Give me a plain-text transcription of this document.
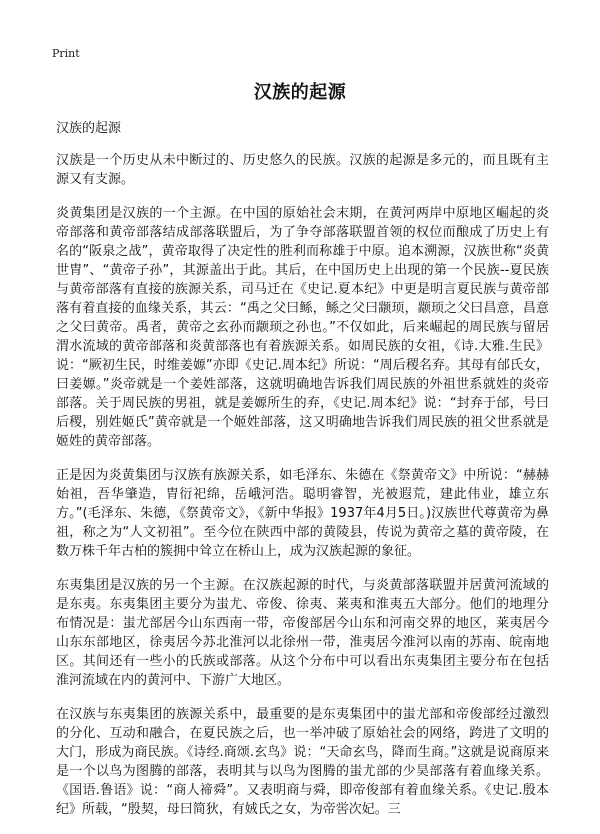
Print
汉族的起源

汉族的起源

汉族是一个历史从未中断过的、历史悠久的民族。汉族的起源是多元的，而且既有主源又有支源。

炎黄集团是汉族的一个主源。在中国的原始社会末期，在黄河两岸中原地区崛起的炎帝部落和黄帝部落结成部落联盟后，为了争夺部落联盟首领的权位而酿成了历史上有名的“阪泉之战”，黄帝取得了决定性的胜利而称雄于中原。追本溯源，汉族世称“炎黄世胄”、“黄帝子孙”，其源盖出于此。其后，在中国历史上出现的第一个民族--夏民族与黄帝部落有直接的族源关系，司马迁在《史记.夏本纪》中更是明言夏民族与黄帝部落有着直接的血缘关系，其云：“禹之父曰鲧，鲧之父曰颛顼，颛顼之父曰昌意，昌意之父曰黄帝。禹者，黄帝之玄孙而颛顼之孙也。”不仅如此，后来崛起的周民族与留居渭水流域的黄帝部落和炎黄部落也有着族源关系。如周民族的女祖，《诗.大雅.生民》说：“厥初生民，时维姜嫄”亦即《史记.周本纪》所说：“周后稷名弃。其母有邰氏女，曰姜嫄。”炎帝就是一个姜姓部落，这就明确地告诉我们周民族的外祖世系就姓的炎帝部落。关于周民族的男祖，就是姜嫄所生的弃，《史记.周本纪》说：“封弃于邰，号曰后稷，别姓姬氏”黄帝就是一个姬姓部落，这又明确地告诉我们周民族的祖父世系就是姬姓的黄帝部落。

正是因为炎黄集团与汉族有族源关系，如毛泽东、朱德在《祭黄帝文》中所说：“赫赫始祖，吾华肇造，胄衍祀绵，岳峨河浩。聪明睿智，光被遐荒，建此伟业，雄立东方。”(毛泽东、朱德，《祭黄帝文》，《新中华报》1937年4月5日。)汉族世代尊黄帝为鼻祖，称之为“人文初祖”。至今位在陕西中部的黄陵县，传说为黄帝之墓的黄帝陵，在数万株千年古柏的簇拥中耸立在桥山上，成为汉族起源的象征。

东夷集团是汉族的另一个主源。在汉族起源的时代，与炎黄部落联盟并居黄河流域的是东夷。东夷集团主要分为蚩尤、帝俊、徐夷、莱夷和淮夷五大部分。他们的地理分布情况是：蚩尤部居今山东西南一带，帝俊部居今山东和河南交界的地区，莱夷居今山东东部地区，徐夷居今苏北淮河以北徐州一带，淮夷居今淮河以南的苏南、皖南地区。其间还有一些小的氏族或部落。从这个分布中可以看出东夷集团主要分布在包括淮河流域在内的黄河中、下游广大地区。

在汉族与东夷集团的族源关系中，最重要的是东夷集团中的蚩尤部和帝俊部经过激烈的分化、互动和融合，在夏民族之后，也一举冲破了原始社会的网络，跨进了文明的大门，形成为商民族。《诗经.商颂.玄鸟》说：“天命玄鸟，降而生商。”这就是说商原来是一个以鸟为图腾的部落，表明其与以鸟为图腾的蚩尤部的少昊部落有着血缘关系。《国语.鲁语》说：“商人禘舜”。又表明商与舜，即帝俊部有着血缘关系。《史记.殷本纪》所载，“殷契，母曰简狄，有娀氏之女，为帝喾次妃。三
